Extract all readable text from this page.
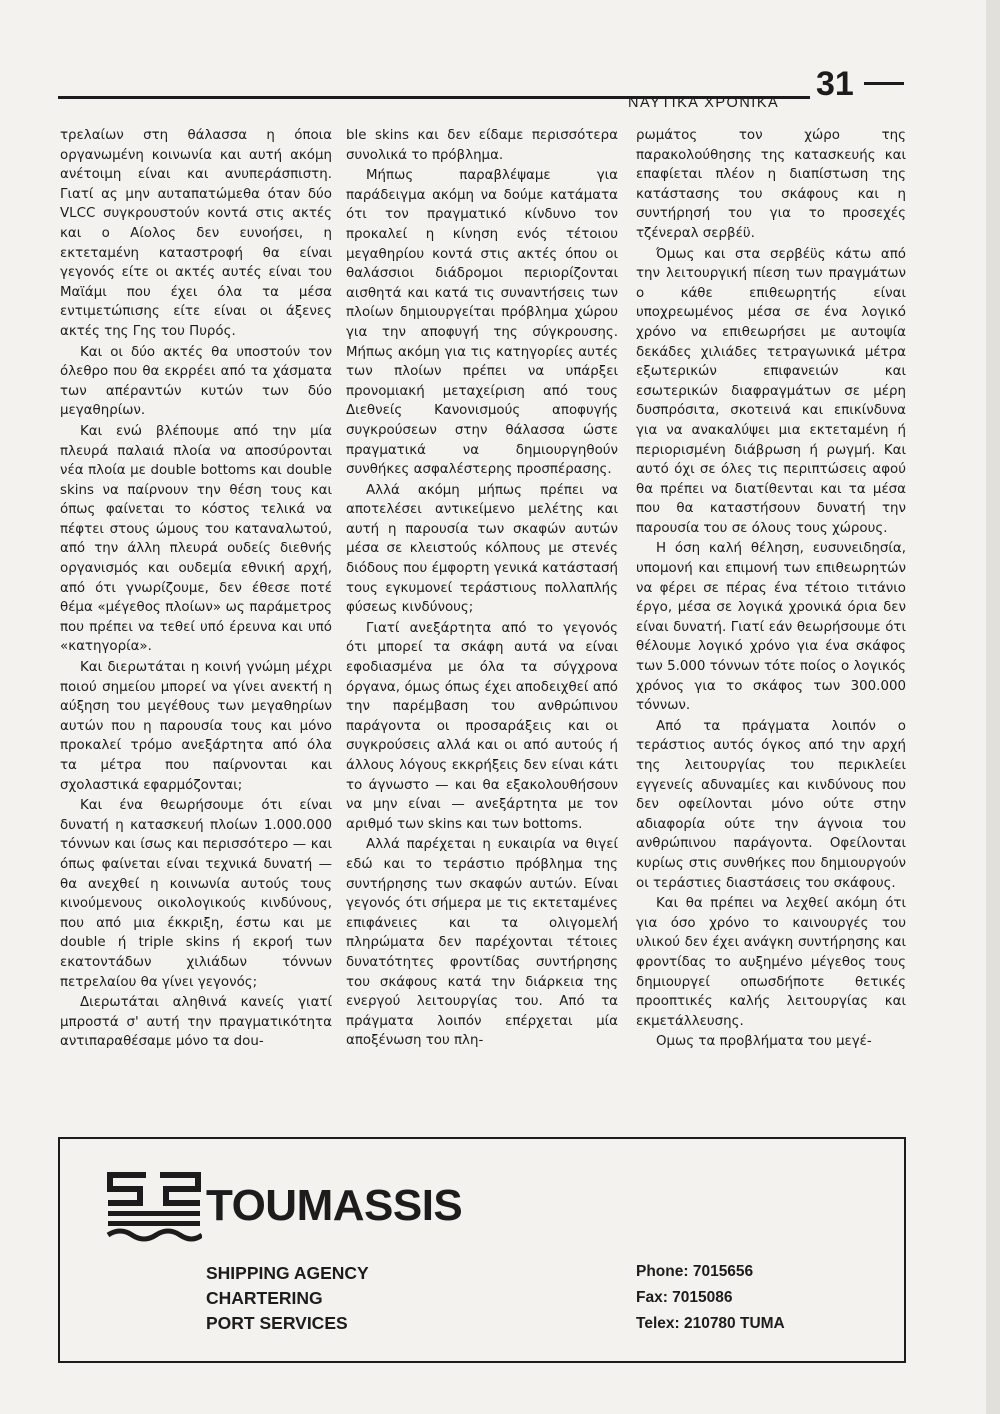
31
ΝΑΥΤΙΚΑ ΧΡΟΝΙΚΑ

τρελαίων στη θάλασσα η όποια οργανωμένη κοινωνία και αυτή ακόμη ανέτοιμη είναι και ανυπεράσπιστη. Γιατί ας μην αυταπατώμεθα όταν δύο VLCC συγκρουστούν κοντά στις ακτές και ο Αίολος δεν ευνοήσει, η εκτεταμένη καταστροφή θα είναι γεγονός είτε οι ακτές αυτές είναι του Μαϊάμι που έχει όλα τα μέσα εντιμετώπισης είτε είναι οι άξενες ακτές της Γης του Πυρός.

Και οι δύο ακτές θα υποστούν τον όλεθρο που θα εκρρέει από τα χάσματα των απέραντών κυτών των δύο μεγαθηρίων.

Και ενώ βλέπουμε από την μία πλευρά παλαιά πλοία να αποσύρονται νέα πλοία με double bottoms και double skins να παίρνουν την θέση τους και όπως φαίνεται το κόστος τελικά να πέφτει στους ώμους του καταναλωτού, από την άλλη πλευρά ουδείς διεθνής οργανισμός και ουδεμία εθνική αρχή, από ότι γνωρίζουμε, δεν έθεσε ποτέ θέμα «μέγεθος πλοίων» ως παράμετρος που πρέπει να τεθεί υπό έρευνα και υπό «κατηγορία».

Και διερωτάται η κοινή γνώμη μέχρι ποιού σημείου μπορεί να γίνει ανεκτή η αύξηση του μεγέθους των μεγαθηρίων αυτών που η παρουσία τους και μόνο προκαλεί τρόμο ανεξάρτητα από όλα τα μέτρα που παίρνονται και σχολαστικά εφαρμόζονται;

Και ένα θεωρήσουμε ότι είναι δυνατή η κατασκευή πλοίων 1.000.000 τόννων και ίσως και περισσότερο — και όπως φαίνεται είναι τεχνικά δυνατή — θα ανεχθεί η κοινωνία αυτούς τους κινούμενους οικολογικούς κινδύνους, που από μια έκκριξη, έστω και με double ή triple skins ή εκροή των εκατοντάδων χιλιάδων τόννων πετρελαίου θα γίνει γεγονός;

Διερωτάται αληθινά κανείς γιατί μπροστά σ' αυτή την πραγματικότητα αντιπαραθέσαμε μόνο τα dou-

ble skins και δεν είδαμε περισσότερα συνολικά το πρόβλημα.

Μήπως παραβλέψαμε για παράδειγμα ακόμη να δούμε κατάματα ότι τον πραγματικό κίνδυνο τον προκαλεί η κίνηση ενός τέτοιου μεγαθηρίου κοντά στις ακτές όπου οι θαλάσσιοι διάδρομοι περιορίζονται αισθητά και κατά τις συναντήσεις των πλοίων δημιουργείται πρόβλημα χώρου για την αποφυγή της σύγκρουσης. Μήπως ακόμη για τις κατηγορίες αυτές των πλοίων πρέπει να υπάρξει προνομιακή μεταχείριση από τους Διεθνείς Κανονισμούς αποφυγής συγκρούσεων στην θάλασσα ώστε πραγματικά να δημιουργηθούν συνθήκες ασφαλέστερης προσπέρασης.

Αλλά ακόμη μήπως πρέπει να αποτελέσει αντικείμενο μελέτης και αυτή η παρουσία των σκαφών αυτών μέσα σε κλειστούς κόλπους με στενές διόδους που έμφορτη γενικά κατάστασή τους εγκυμονεί τεράστιους πολλαπλής φύσεως κινδύνους;

Γιατί ανεξάρτητα από το γεγονός ότι μπορεί τα σκάφη αυτά να είναι εφοδιασμένα με όλα τα σύγχρονα όργανα, όμως όπως έχει αποδειχθεί από την παρέμβαση του ανθρώπινου παράγοντα οι προσαράξεις και οι συγκρούσεις αλλά και οι από αυτούς ή άλλους λόγους εκκρήξεις δεν είναι κάτι το άγνωστο — και θα εξακολουθήσουν να μην είναι — ανεξάρτητα με τον αριθμό των skins και των bottoms.

Αλλά παρέχεται η ευκαιρία να θιγεί εδώ και το τεράστιο πρόβλημα της συντήρησης των σκαφών αυτών. Είναι γεγονός ότι σήμερα με τις εκτεταμένες επιφάνειες και τα ολιγομελή πληρώματα δεν παρέχονται τέτοιες δυνατότητες φροντίδας συντήρησης του σκάφους κατά την διάρκεια της ενεργού λειτουργίας του. Από τα πράγματα λοιπόν επέρχεται μία αποξένωση του πλη-

ρωμάτος τον χώρο της παρακολούθησης της κατασκευής και επαφίεται πλέον η διαπίστωση της κατάστασης του σκάφους και η συντήρησή του για το προσεχές τζένεραλ σερβέϋ.

Όμως και στα σερβέϋς κάτω από την λειτουργική πίεση των πραγμάτων ο κάθε επιθεωρητής είναι υποχρεωμένος μέσα σε ένα λογικό χρόνο να επιθεωρήσει με αυτοψία δεκάδες χιλιάδες τετραγωνικά μέτρα εξωτερικών επιφανειών και εσωτερικών διαφραγμάτων σε μέρη δυσπρόσιτα, σκοτεινά και επικίνδυνα για να ανακαλύψει μια εκτεταμένη ή περιορισμένη διάβρωση ή ρωγμή. Και αυτό όχι σε όλες τις περιπτώσεις αφού θα πρέπει να διατίθενται και τα μέσα που θα καταστήσουν δυνατή την παρουσία του σε όλους τους χώρους.

Η όση καλή θέληση, ευσυνειδησία, υπομονή και επιμονή των επιθεωρητών να φέρει σε πέρας ένα τέτοιο τιτάνιο έργο, μέσα σε λογικά χρονικά όρια δεν είναι δυνατή. Γιατί εάν θεωρήσουμε ότι θέλουμε λογικό χρόνο για ένα σκάφος των 5.000 τόννων τότε ποίος ο λογικός χρόνος για το σκάφος των 300.000 τόννων.

Από τα πράγματα λοιπόν ο τεράστιος αυτός όγκος από την αρχή της λειτουργίας του περικλείει εγγενείς αδυναμίες και κινδύνους που δεν οφείλονται μόνο ούτε στην αδιαφορία ούτε την άγνοια του ανθρώπινου παράγοντα. Οφείλονται κυρίως στις συνθήκες που δημιουργούν οι τεράστιες διαστάσεις του σκάφους.

Και θα πρέπει να λεχθεί ακόμη ότι για όσο χρόνο το καινουργές του υλικού δεν έχει ανάγκη συντήρησης και φροντίδας το αυξημένο μέγεθος τους δημιουργεί οπωσδήποτε θετικές προοπτικές καλής λειτουργίας και εκμετάλλευσης.

Ομως τα προβλήματα του μεγέ-

TOUMASSIS
SHIPPING AGENCY
CHARTERING
PORT SERVICES
Phone: 7015656
Fax: 7015086
Telex: 210780 TUMA
